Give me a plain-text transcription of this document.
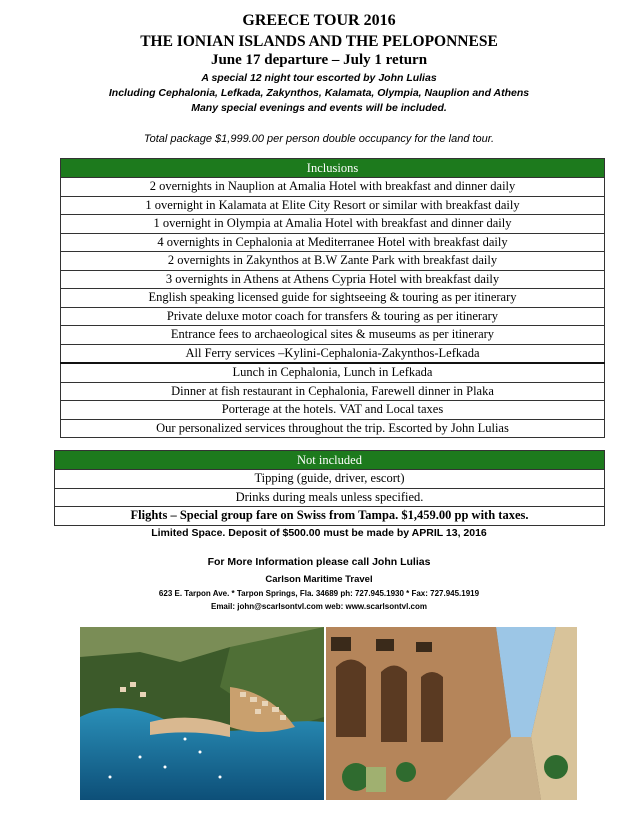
GREECE TOUR 2016
THE IONIAN ISLANDS AND THE PELOPONNESE
June 17 departure – July 1 return
A special 12 night tour escorted by John Lulias
Including Cephalonia, Lefkada, Zakynthos, Kalamata, Olympia, Nauplion and Athens
Many special evenings and events will be included.
Total package $1,999.00 per person double occupancy for the land tour.
Inclusions
2 overnights in Nauplion at Amalia Hotel with breakfast and dinner daily
1 overnight in Kalamata at Elite City Resort or similar with breakfast daily
1 overnight in Olympia at Amalia Hotel with breakfast and dinner daily
4 overnights in Cephalonia at Mediterranee Hotel with breakfast daily
2 overnights in Zakynthos at B.W Zante Park with breakfast daily
3 overnights in Athens at Athens Cypria Hotel with breakfast daily
English speaking licensed guide for sightseeing & touring as per itinerary
Private deluxe motor coach for transfers & touring as per itinerary
Entrance fees to archaeological sites & museums as per itinerary
All Ferry services –Kylini-Cephalonia-Zakynthos-Lefkada
Lunch in Cephalonia, Lunch in Lefkada
Dinner at fish restaurant in Cephalonia, Farewell dinner in Plaka
Porterage at the hotels. VAT and Local taxes
Our personalized services throughout the trip. Escorted by John Lulias
Not included
Tipping (guide, driver, escort)
Drinks during meals unless specified.
Flights – Special group fare on Swiss from Tampa. $1,459.00 pp with taxes.
Limited Space. Deposit of $500.00 must be made by APRIL 13, 2016
For More Information please call John Lulias
Carlson Maritime Travel
623 E. Tarpon Ave. * Tarpon Springs, Fla. 34689 ph: 727.945.1930 * Fax: 727.945.1919
Email: john@scarlsontvl.com web: www.scarlsontvl.com
